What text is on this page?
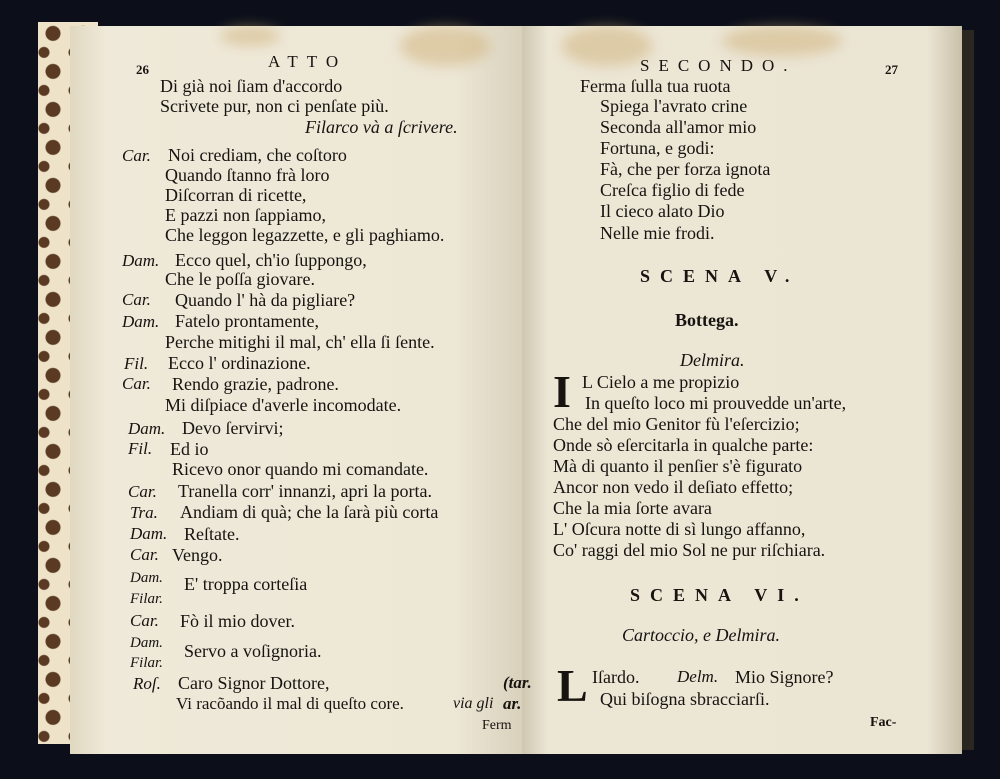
26	ATTO
Di già noi ſiam d'accordo
Scrivete pur, non ci penſate più.
Filarco và a ſcrivere.
Car. Noi crediam, che coſtoro
Quando ſtanno frà loro
Diſcorran di ricette,
E pazzi non ſappiamo,
Che leggon legazzette, e gli paghiamo.
Dam. Ecco quel, ch'io ſuppongo,
Che le poſſa giovare.
Car. Quando l' hà da pigliare?
Dam. Fatelo prontamente,
Perche mitighi il mal, ch' ella ſi ſente.
Fil. Ecco l' ordinazione.
Car. Rendo grazie, padrone.
Mi diſpiace d'averle incomodate.
Dam. Devo ſervirvi;
Fil. Ed io
Ricevo onor quando mi comandate.
Car. Tranella corr' innanzi, apri la porta.
Tra. Andiam di quà; che la ſarà più corta
Dam. Reſtate.
Car. Vengo.
Dam.
Filar.
E' troppa corteſia
Car. Fò il mio dover.
Dam.
Filar.
Servo a voſignoria.
Roſ. Caro Signor Dottore,
Vi racõando il mal di queſto core.	via gli
(tar.
ar.
Ferm
SECONDO.	27
Ferma ſulla tua ruota
Spiega l'avrato crine
Seconda all'amor mio
Fortuna, e godi:
Fà, che per forza ignota
Creſca figlio di fede
Il cieco alato Dio
Nelle mie frodi.
SCENA V.
Bottega.
Delmira.
I L Cielo a me propizio
In queſto loco mi prouvedde un'arte,
Che del mio Genitor fù l'eſercizio;
Onde sò eſercitarla in qualche parte:
Mà di quanto il penſier s'è figurato
Ancor non vedo il deſiato effetto;
Che la mia ſorte avara
L' Oſcura notte di sì lungo affanno,
Co' raggi del mio Sol ne pur riſchiara.
SCENA VI.
Cartoccio, e Delmira.
L Iſardo. Delm. Mio Signore?
Qui biſogna sbracciarſi.
Fac-
